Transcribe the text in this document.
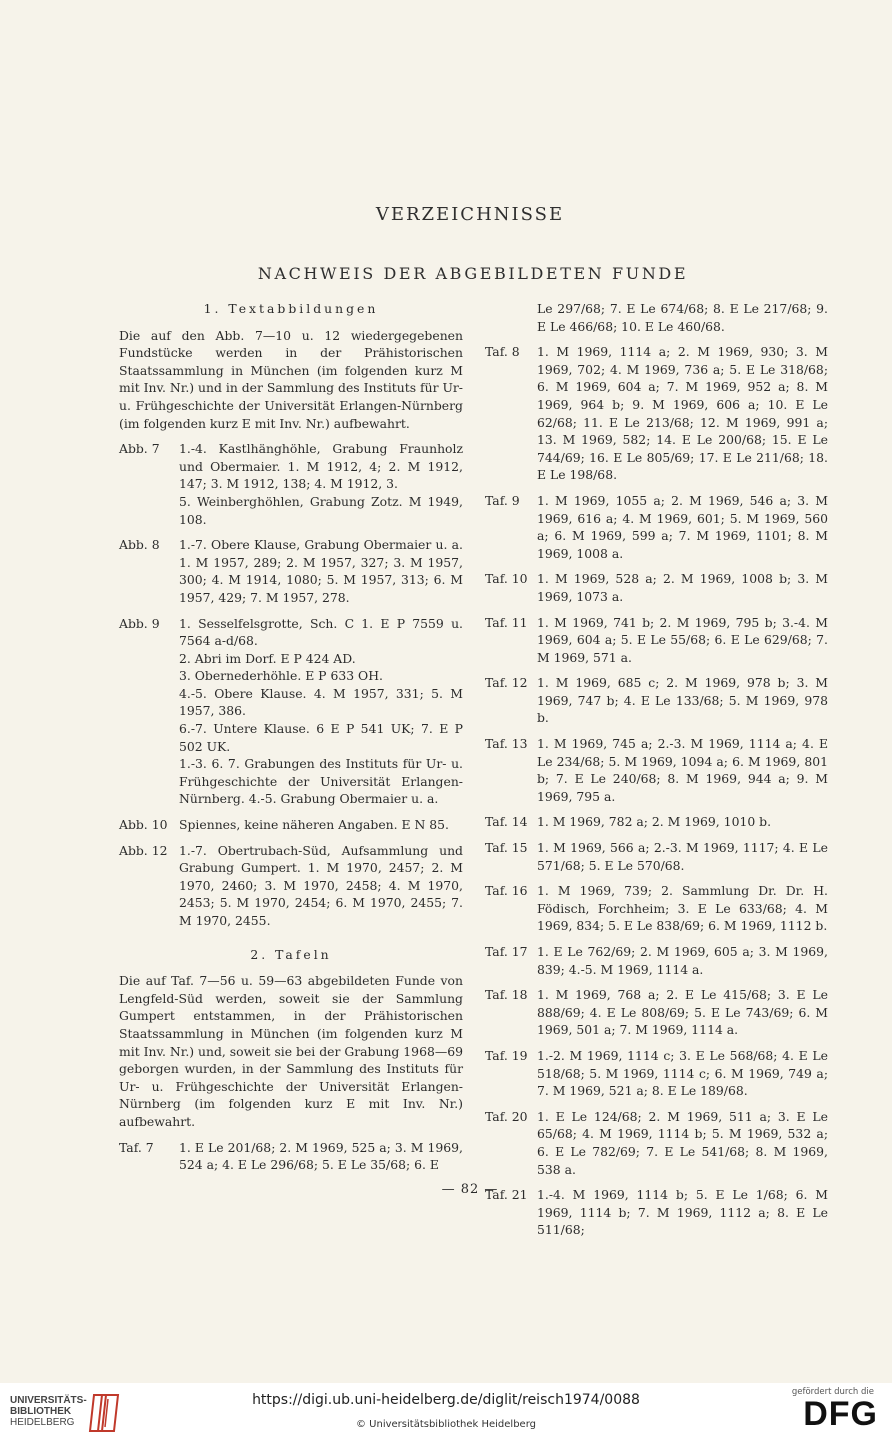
VERZEICHNISSE
NACHWEIS DER ABGEBILDETEN FUNDE
1. Textabbildungen

Die auf den Abb. 7—10 u. 12 wiedergegebenen Fundstücke werden in der Prähistorischen Staatssammlung in München (im folgenden kurz M mit Inv. Nr.) und in der Sammlung des Instituts für Ur- u. Frühgeschichte der Universität Erlangen-Nürnberg (im folgenden kurz E mit Inv. Nr.) aufbewahrt.

Abb. 7	1.-4. Kastlhänghöhle, Grabung Fraunholz und Obermaier. 1. M 1912, 4; 2. M 1912, 147; 3. M 1912, 138; 4. M 1912, 3.

5. Weinberghöhlen, Grabung Zotz. M 1949, 108.

Abb. 8	1.-7. Obere Klause, Grabung Obermaier u. a. 1. M 1957, 289; 2. M 1957, 327; 3. M 1957, 300; 4. M 1914, 1080; 5. M 1957, 313; 6. M 1957, 429; 7. M 1957, 278.

Abb. 9	1. Sesselfelsgrotte, Sch. C 1. E P 7559 u. 7564 a-d/68.

2. Abri im Dorf. E P 424 AD.

3. Obernederhöhle. E P 633 OH.

4.-5. Obere Klause. 4. M 1957, 331; 5. M 1957, 386.

6.-7. Untere Klause. 6 E P 541 UK; 7. E P 502 UK.

1.-3. 6. 7. Grabungen des Instituts für Ur- u. Frühgeschichte der Universität Erlangen-Nürnberg. 4.-5. Grabung Obermaier u. a.

Abb. 10 Spiennes, keine näheren Angaben. E N 85.

Abb. 12 1.-7. Obertrubach-Süd, Aufsammlung und Grabung Gumpert. 1. M 1970, 2457; 2. M 1970, 2460; 3. M 1970, 2458; 4. M 1970, 2453; 5. M 1970, 2454; 6. M 1970, 2455; 7. M 1970, 2455.

2. Tafeln

Die auf Taf. 7—56 u. 59—63 abgebildeten Funde von Lengfeld-Süd werden, soweit sie der Sammlung Gumpert entstammen, in der Prähistorischen Staatssammlung in München (im folgenden kurz M mit Inv. Nr.) und, soweit sie bei der Grabung 1968—69 geborgen wurden, in der Sammlung des Instituts für Ur- u. Frühgeschichte der Universität Erlangen-Nürnberg (im folgenden kurz E mit Inv. Nr.) aufbewahrt.

Taf. 7	1. E Le 201/68; 2. M 1969, 525 a; 3. M 1969, 524 a; 4. E Le 296/68; 5. E Le 35/68; 6. E

Le 297/68; 7. E Le 674/68; 8. E Le 217/68; 9. E Le 466/68; 10. E Le 460/68.

Taf. 8	1. M 1969, 1114 a; 2. M 1969, 930; 3. M 1969, 702; 4. M 1969, 736 a; 5. E Le 318/68; 6. M 1969, 604 a; 7. M 1969, 952 a; 8. M 1969, 964 b; 9. M 1969, 606 a; 10. E Le 62/68; 11. E Le 213/68; 12. M 1969, 991 a; 13. M 1969, 582; 14. E Le 200/68; 15. E Le 744/69; 16. E Le 805/69; 17. E Le 211/68; 18. E Le 198/68.
Taf. 9	1. M 1969, 1055 a; 2. M 1969, 546 a; 3. M 1969, 616 a; 4. M 1969, 601; 5. M 1969, 560 a; 6. M 1969, 599 a; 7. M 1969, 1101; 8. M 1969, 1008 a.
Taf. 10 1. M 1969, 528 a; 2. M 1969, 1008 b; 3. M 1969, 1073 a.
Taf. 11 1. M 1969, 741 b; 2. M 1969, 795 b; 3.-4. M 1969, 604 a; 5. E Le 55/68; 6. E Le 629/68; 7. M 1969, 571 a.
Taf. 12 1. M 1969, 685 c; 2. M 1969, 978 b; 3. M 1969, 747 b; 4. E Le 133/68; 5. M 1969, 978 b.
Taf. 13 1. M 1969, 745 a; 2.-3. M 1969, 1114 a; 4. E Le 234/68; 5. M 1969, 1094 a; 6. M 1969, 801 b; 7. E Le 240/68; 8. M 1969, 944 a; 9. M 1969, 795 a.
Taf. 14 1. M 1969, 782 a; 2. M 1969, 1010 b.
Taf. 15 1. M 1969, 566 a; 2.-3. M 1969, 1117; 4. E Le 571/68; 5. E Le 570/68.
Taf. 16 1. M 1969, 739; 2. Sammlung Dr. Dr. H. Födisch, Forchheim; 3. E Le 633/68; 4. M 1969, 834; 5. E Le 838/69; 6. M 1969, 1112 b.
Taf. 17 1. E Le 762/69; 2. M 1969, 605 a; 3. M 1969, 839; 4.-5. M 1969, 1114 a.
Taf. 18 1. M 1969, 768 a; 2. E Le 415/68; 3. E Le 888/69; 4. E Le 808/69; 5. E Le 743/69; 6. M 1969, 501 a; 7. M 1969, 1114 a.
Taf. 19 1.-2. M 1969, 1114 c; 3. E Le 568/68; 4. E Le 518/68; 5. M 1969, 1114 c; 6. M 1969, 749 a; 7. M 1969, 521 a; 8. E Le 189/68.
Taf. 20 1. E Le 124/68; 2. M 1969, 511 a; 3. E Le 65/68; 4. M 1969, 1114 b; 5. M 1969, 532 a; 6. E Le 782/69; 7. E Le 541/68; 8. M 1969, 538 a.
Taf. 21 1.-4. M 1969, 1114 b; 5. E Le 1/68; 6. M 1969, 1114 b; 7. M 1969, 1112 a; 8. E Le 511/68;
— 82 —
UNIVERSITÄTS-
BIBLIOTHEK
HEIDELBERG
https://digi.ub.uni-heidelberg.de/diglit/reisch1974/0088
© Universitätsbibliothek Heidelberg
gefördert durch die
DFG
